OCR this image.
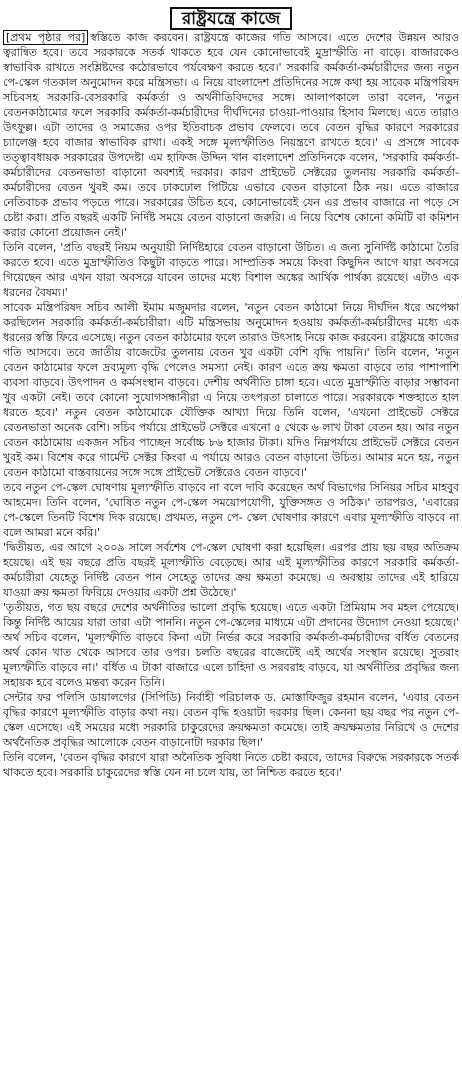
রাষ্ট্রযন্ত্রে কাজে

[প্রথম পৃষ্ঠার পর] স্বস্তিতে কাজ করবেন। রাষ্ট্রযন্ত্রে কাজের গতি আসবে। এতে দেশের উন্নয়ন আরও ত্বরান্বিত হবে। তবে সরকারকে সতর্ক থাকতে হবে যেন কোনোভাবেই মুদ্রাস্ফীতি না বাড়ে। বাজারকেও স্বাভাবিক রাখতে সংশ্লিষ্টদের কঠোরভাবে পর্যবেক্ষণ করতে হবে।' সরকারি কর্মকর্তা-কর্মচারীদের জন্য নতুন পে-স্কেল গতকাল অনুমোদন করে মন্ত্রিসভা। এ নিয়ে বাংলাদেশ প্রতিদিনের সঙ্গে কথা হয় সাবেক মন্ত্রিপরিষদ সচিবসহ সরকারি-বেসরকারি কর্মকর্তা ও অর্থনীতিবিদদের সঙ্গে। আলাপকালে তারা বলেন, 'নতুন বেতনকাঠামোর ফলে সরকারি কর্মকর্তা-কর্মচারীদের দীর্ঘদিনের চাওয়া-পাওয়ার হিসাব মিলছে। এতে তারাও উৎফুল্ল। এটা তাদের ও সমাজের ওপর ইতিবাচক প্রভাব ফেলবে। তবে বেতন বৃদ্ধির কারণে সরকারের চ্যালেঞ্জ হবে বাজার স্বাভাবিক রাখা। একই সঙ্গে মূল্যস্ফীতিও নিয়ন্ত্রণে রাখতে হবে।' এ প্রসঙ্গে সাবেক তত্ত্বাবধায়ক সরকারের উপদেষ্টা এম হাফিজ উদ্দিন খান বাংলাদেশ প্রতিদিনকে বলেন, 'সরকারি কর্মকর্তা-কর্মচারীদের বেতনভাতা বাড়ানো অবশ্যই দরকার। কারণ প্রাইভেট সেক্টরের তুলনায় সরকারি কর্মকর্তা-কর্মচারীদের বেতন খুবই কম। তবে ঢাকঢোল পিটিয়ে এভাবে বেতন বাড়ানো ঠিক নয়। এতে বাজারে নেতিবাচক প্রভাব পড়তে পারে। সরকারের উচিত হবে, কোনোভাবেই যেন এর প্রভাব বাজারে না পড়ে সে চেষ্টা করা। প্রতি বছরই একটি নির্দিষ্ট সময়ে বেতন বাড়ানো জরুরি। এ নিয়ে বিশেষ কোনো কমিটি বা কমিশন করার কোনো প্রয়োজন নেই।'

তিনি বলেন, 'প্রতি বছরই নিয়ম অনুযায়ী নির্দিষ্টহারে বেতন বাড়ানো উচিত। এ জন্য সুনির্দিষ্ট কাঠামো তৈরি করতে হবে। এতে মুদ্রাস্ফীতিও কিছুটা বাড়তে পারে। সাম্প্রতিক সময়ে কিংবা কিছুদিন আগে যারা অবসরে গিয়েছেন আর এখন যারা অবসরে যাবেন তাদের মধ্যে বিশাল অঙ্কের আর্থিক পার্থক্য রয়েছে। এটাও এক ধরনের বৈষম্য।'

সাবেক মন্ত্রিপরিষদ সচিব আলী ইমাম মজুমদার বলেন, 'নতুন বেতন কাঠামো নিয়ে দীর্ঘদিন ধরে অপেক্ষা করছিলেন সরকারি কর্মকর্তা-কর্মচারীরা। এটি মন্ত্রিসভায় অনুমোদন হওয়ায় কর্মকর্তা-কর্মচারীদের মধ্যে এক ধরনের স্বস্তি ফিরে এসেছে। নতুন বেতন কাঠামোর ফলে তারাও উৎসাহ নিয়ে কাজ করবেন। রাষ্ট্রযন্ত্রে কাজের গতি আসবে। তবে জাতীয় বাজেটের তুলনায় বেতন খুব একটা বেশি বৃদ্ধি পায়নি।' তিনি বলেন, 'নতুন বেতন কাঠামোর ফলে দ্রব্যমূল্য বৃদ্ধি পেলেও সমস্যা নেই। কারণ এতে ক্রয় ক্ষমতা বাড়বে তার পাশাপাশি ব্যবসা বাড়বে। উৎপাদন ও কর্মসংস্থান বাড়বে। দেশীয় অর্থনীতি চাঙ্গা হবে। এতে মুদ্রাস্ফীতি বাড়ার সম্ভাবনা খুব একটা নেই। তবে কোনো সুযোগসন্ধানীরা এ নিয়ে তৎপরতা চালাতে পারে। সরকারকে শক্তহাতে হাল ধরতে হবে।' নতুন বেতন কাঠামোকে যৌক্তিক আখ্যা দিয়ে তিনি বলেন, 'এখনো প্রাইভেট সেক্টরে বেতনভাতা অনেক বেশি। সচিব পর্যায়ে প্রাইভেট সেক্টরে এখনো ৫ থেকে ৬ লাখ টাকা বেতন হয়। আর নতুন বেতন কাঠামোয় একজন সচিব পাচ্ছেন সর্বোচ্চ ৮৬ হাজার টাকা। যদিও নিম্নপর্যায়ে প্রাইভেট সেক্টরে বেতন খুবই কম। বিশেষ করে গার্মেন্ট সেক্টর কিংবা এ পর্যায়ে আরও বেতন বাড়ানো উচিত। আমার মনে হয়, নতুন বেতন কাঠামো বাস্তবায়নের সঙ্গে সঙ্গে প্রাইভেট সেক্টরেও বেতন বাড়বে।'

তবে নতুন পে-স্কেল ঘোষণায় মূল্যস্ফীতি বাড়বে না বলে দাবি করেছেন অর্থ বিভাগের সিনিয়র সচিব মাহবুব আহমেদ। তিনি বলেন, 'ঘোষিত নতুন পে-স্কেল সময়োপযোগী, যুক্তিসঙ্গত ও সঠিক।' তারপরও, 'এবারের পে-স্কেলে তিনটি বিশেষ দিক রয়েছে। প্রথমত, নতুন পে- স্কেল ঘোষণার কারণে এবার মূল্যস্ফীতি বাড়বে না বলে আমরা মনে করি।'

'দ্বিতীয়ত, এর আগে ২০০৯ সালে সর্বশেষ পে-স্কেল ঘোষণা করা হয়েছিল। এরপর প্রায় ছয় বছর অতিক্রম হয়েছে। এই ছয় বছরে প্রতি বছরই মূল্যস্ফীতি বেড়েছে। আর এই মূল্যস্ফীতির কারণে সরকারি কর্মকর্তা-কর্মচারীরা যেহেতু নির্দিষ্ট বেতন পান সেহেতু তাদের ক্রয় ক্ষমতা কমেছে। এ অবস্থায় তাদের এই হারিয়ে যাওয়া ক্রয় ক্ষমতা ফিরিয়ে দেওয়ার একটা প্রশ্ন উঠেছে।'

'তৃতীয়ত, গত ছয় বছরে দেশের অর্থনীতির ভালো প্রবৃদ্ধি হয়েছে। এতে একটা প্রিমিয়াম সব মহল পেয়েছে। কিন্তু নির্দিষ্ট আয়ের যারা তারা এটা পাননি। নতুন পে-স্কেলের মাধ্যমে এটা প্রদানের উদ্যোগ নেওয়া হয়েছে।' অর্থ সচিব বলেন, 'মূল্যস্ফীতি বাড়বে কিনা এটা নির্ভর করে সরকারি কর্মকর্তা-কর্মচারীদের বর্ধিত বেতনের অর্থ কোন খাত থেকে আসবে তার ওপর। চলতি বছরের বাজেটেই এই অর্থের সংস্থান রয়েছে। সুতরাং মূল্যস্ফীতি বাড়বে না।' বর্ধিত এ টাকা বাজারে এলে চাহিদা ও সরবরাহ বাড়বে, যা অর্থনীতির প্রবৃদ্ধির জন্য সহায়ক হবে বলেও মন্তব্য করেন তিনি।

সেন্টার ফর পলিসি ডায়ালগের (সিপিডি) নির্বাহী পরিচালক ড. মোস্তাফিজুর রহমান বলেন, 'এবার বেতন বৃদ্ধির কারণে মূল্যস্ফীতি বাড়ার কথা নয়। বেতন বৃদ্ধি হওয়াটা দরকার ছিল। কেননা ছয় বছর পর নতুন পে-স্কেল এসেছে। এই সময়ের মধ্যে সরকারি চাকুরেদের ক্রয়ক্ষমতা কমেছে। তাই ক্রয়ক্ষমতার নিরিখে ও দেশের অর্থনৈতিক প্রবৃদ্ধির আলোকে বেতন বাড়ানোটা দরকার ছিল।'

তিনি বলেন, 'বেতন বৃদ্ধির কারণে যারা অনৈতিক সুবিধা নিতে চেষ্টা করবে, তাদের বিরুদ্ধে সরকারকে সতর্ক থাকতে হবে। সরকারি চাকুরেদের স্বস্তি যেন না চলে যায়, তা নিশ্চিত করতে হবে।'
